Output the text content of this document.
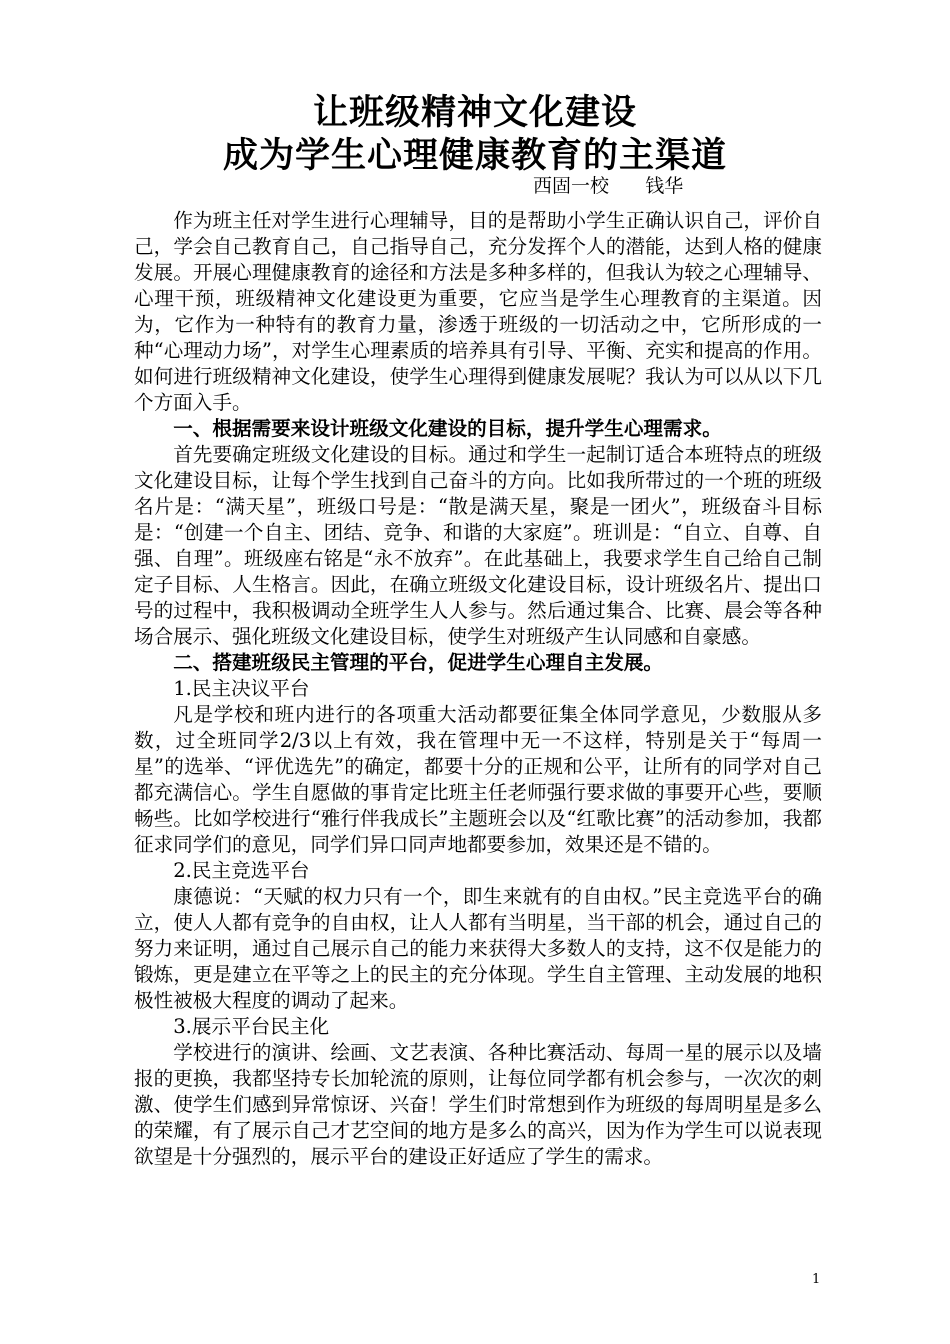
让班级精神文化建设
成为学生心理健康教育的主渠道
西固一校      钱华

作为班主任对学生进行心理辅导，目的是帮助小学生正确认识自己，评价自己，学会自己教育自己，自己指导自己，充分发挥个人的潜能，达到人格的健康发展。开展心理健康教育的途径和方法是多种多样的，但我认为较之心理辅导、心理干预，班级精神文化建设更为重要，它应当是学生心理教育的主渠道。因为，它作为一种特有的教育力量，渗透于班级的一切活动之中，它所形成的一种“心理动力场”，对学生心理素质的培养具有引导、平衡、充实和提高的作用。如何进行班级精神文化建设，使学生心理得到健康发展呢？我认为可以从以下几个方面入手。

一、根据需要来设计班级文化建设的目标，提升学生心理需求。

首先要确定班级文化建设的目标。通过和学生一起制订适合本班特点的班级文化建设目标，让每个学生找到自己奋斗的方向。比如我所带过的一个班的班级名片是：“满天星”，班级口号是：“散是满天星，聚是一团火”，班级奋斗目标是：“创建一个自主、团结、竞争、和谐的大家庭”。班训是：“自立、自尊、自强、自理”。班级座右铭是“永不放弃”。在此基础上，我要求学生自己给自己制定子目标、人生格言。因此，在确立班级文化建设目标，设计班级名片、提出口号的过程中，我积极调动全班学生人人参与。然后通过集合、比赛、晨会等各种场合展示、强化班级文化建设目标，使学生对班级产生认同感和自豪感。

二、搭建班级民主管理的平台，促进学生心理自主发展。

1.民主决议平台

凡是学校和班内进行的各项重大活动都要征集全体同学意见，少数服从多数，过全班同学2/3以上有效，我在管理中无一不这样，特别是关于“每周一星”的选举、“评优选先”的确定，都要十分的正规和公平，让所有的同学对自己都充满信心。学生自愿做的事肯定比班主任老师强行要求做的事要开心些，要顺畅些。比如学校进行“雅行伴我成长”主题班会以及“红歌比赛”的活动参加，我都征求同学们的意见，同学们异口同声地都要参加，效果还是不错的。

2.民主竞选平台

康德说：“天赋的权力只有一个，即生来就有的自由权。”民主竞选平台的确立，使人人都有竞争的自由权，让人人都有当明星，当干部的机会，通过自己的努力来证明，通过自己展示自己的能力来获得大多数人的支持，这不仅是能力的锻炼，更是建立在平等之上的民主的充分体现。学生自主管理、主动发展的地积极性被极大程度的调动了起来。

3.展示平台民主化

学校进行的演讲、绘画、文艺表演、各种比赛活动、每周一星的展示以及墙报的更换，我都坚持专长加轮流的原则，让每位同学都有机会参与，一次次的刺激、使学生们感到异常惊讶、兴奋！学生们时常想到作为班级的每周明星是多么的荣耀，有了展示自己才艺空间的地方是多么的高兴，因为作为学生可以说表现欲望是十分强烈的，展示平台的建设正好适应了学生的需求。

1
